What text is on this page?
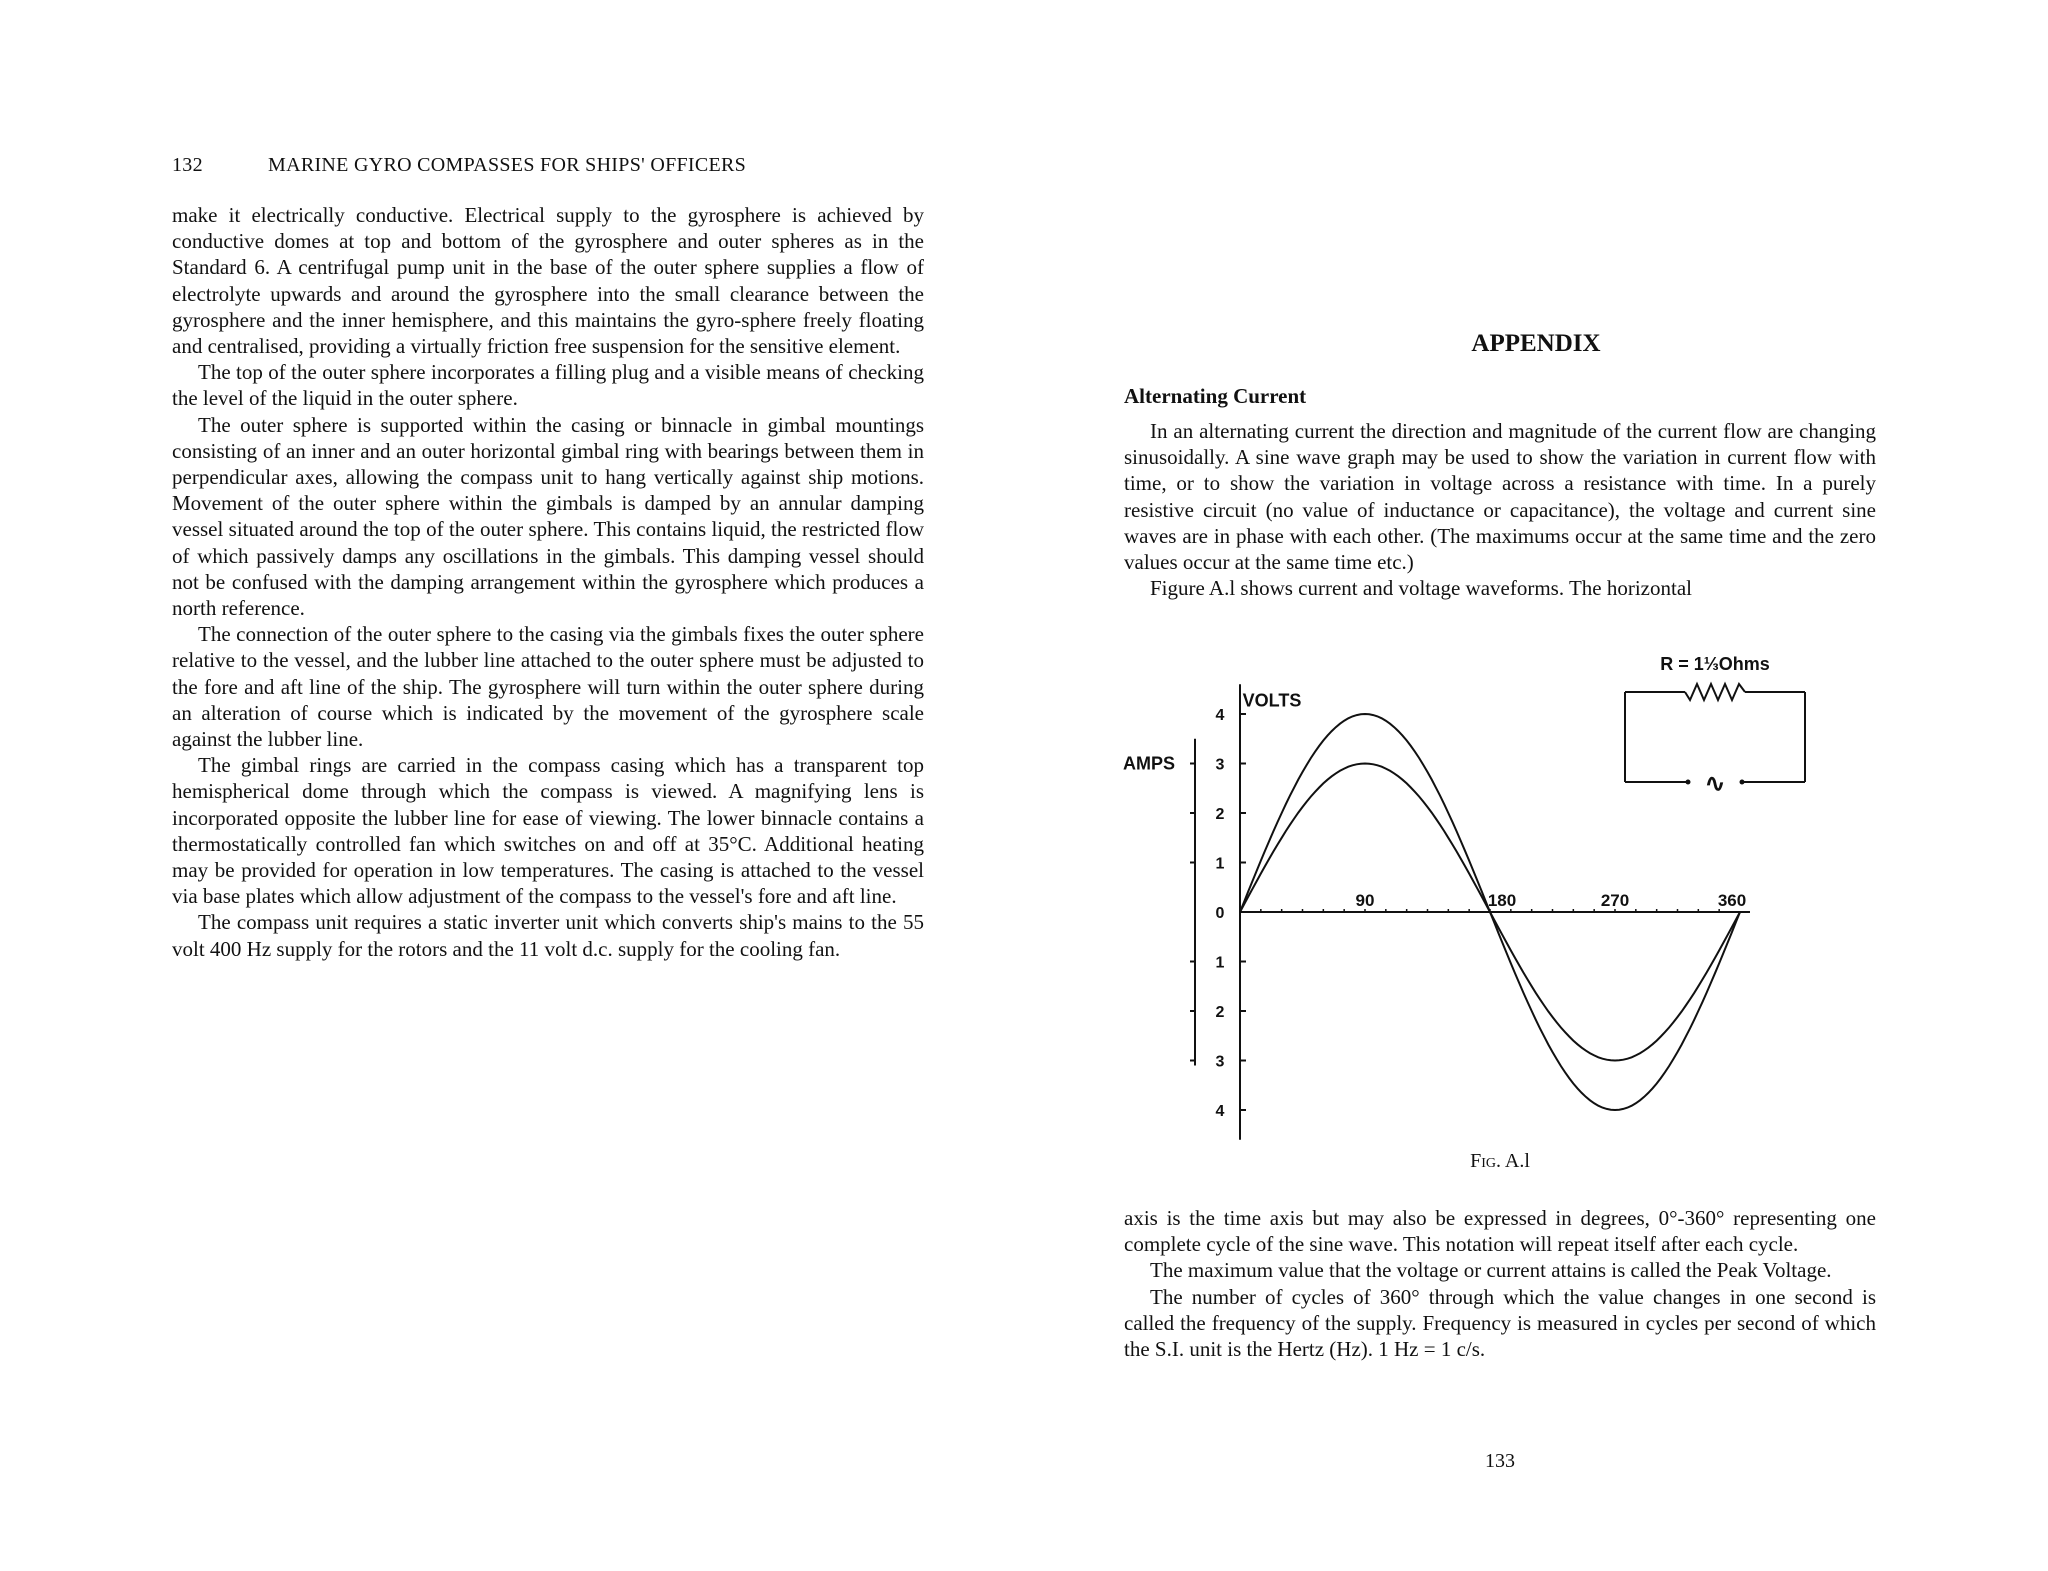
132	MARINE GYRO COMPASSES FOR SHIPS' OFFICERS

make it electrically conductive. Electrical supply to the gyrosphere is achieved by conductive domes at top and bottom of the gyrosphere and outer spheres as in the Standard 6. A centrifugal pump unit in the base of the outer sphere supplies a flow of electrolyte upwards and around the gyrosphere into the small clearance between the gyrosphere and the inner hemisphere, and this maintains the gyro-sphere freely floating and centralised, providing a virtually friction free suspension for the sensitive element.

The top of the outer sphere incorporates a filling plug and a visible means of checking the level of the liquid in the outer sphere.

The outer sphere is supported within the casing or binnacle in gimbal mountings consisting of an inner and an outer horizontal gimbal ring with bearings between them in perpendicular axes, allowing the compass unit to hang vertically against ship motions. Movement of the outer sphere within the gimbals is damped by an annular damping vessel situated around the top of the outer sphere. This contains liquid, the restricted flow of which passively damps any oscillations in the gimbals. This damping vessel should not be confused with the damping arrangement within the gyrosphere which produces a north reference.

The connection of the outer sphere to the casing via the gimbals fixes the outer sphere relative to the vessel, and the lubber line attached to the outer sphere must be adjusted to the fore and aft line of the ship. The gyrosphere will turn within the outer sphere during an alteration of course which is indicated by the movement of the gyrosphere scale against the lubber line.

The gimbal rings are carried in the compass casing which has a transparent top hemispherical dome through which the compass is viewed. A magnifying lens is incorporated opposite the lubber line for ease of viewing. The lower binnacle contains a thermostatically controlled fan which switches on and off at 35°C. Additional heating may be provided for operation in low temperatures. The casing is attached to the vessel via base plates which allow adjustment of the compass to the vessel's fore and aft line.

The compass unit requires a static inverter unit which converts ship's mains to the 55 volt 400 Hz supply for the rotors and the 11 volt d.c. supply for the cooling fan.

APPENDIX
Alternating Current

In an alternating current the direction and magnitude of the current flow are changing sinusoidally. A sine wave graph may be used to show the variation in current flow with time, or to show the variation in voltage across a resistance with time. In a purely resistive circuit (no value of inductance or capacitance), the voltage and current sine waves are in phase with each other. (The maximums occur at the same time and the zero values occur at the same time etc.)

Figure A.l shows current and voltage waveforms. The horizontal

VOLTS
AMPS
4
3
2
1
0
1
2
3
4
90	180	270	360
R = 1⅓Ohms
∿
Fig. A.l

axis is the time axis but may also be expressed in degrees, 0°-360° representing one complete cycle of the sine wave. This notation will repeat itself after each cycle.

The maximum value that the voltage or current attains is called the Peak Voltage.

The number of cycles of 360° through which the value changes in one second is called the frequency of the supply. Frequency is measured in cycles per second of which the S.I. unit is the Hertz (Hz). 1 Hz = 1 c/s.

133
